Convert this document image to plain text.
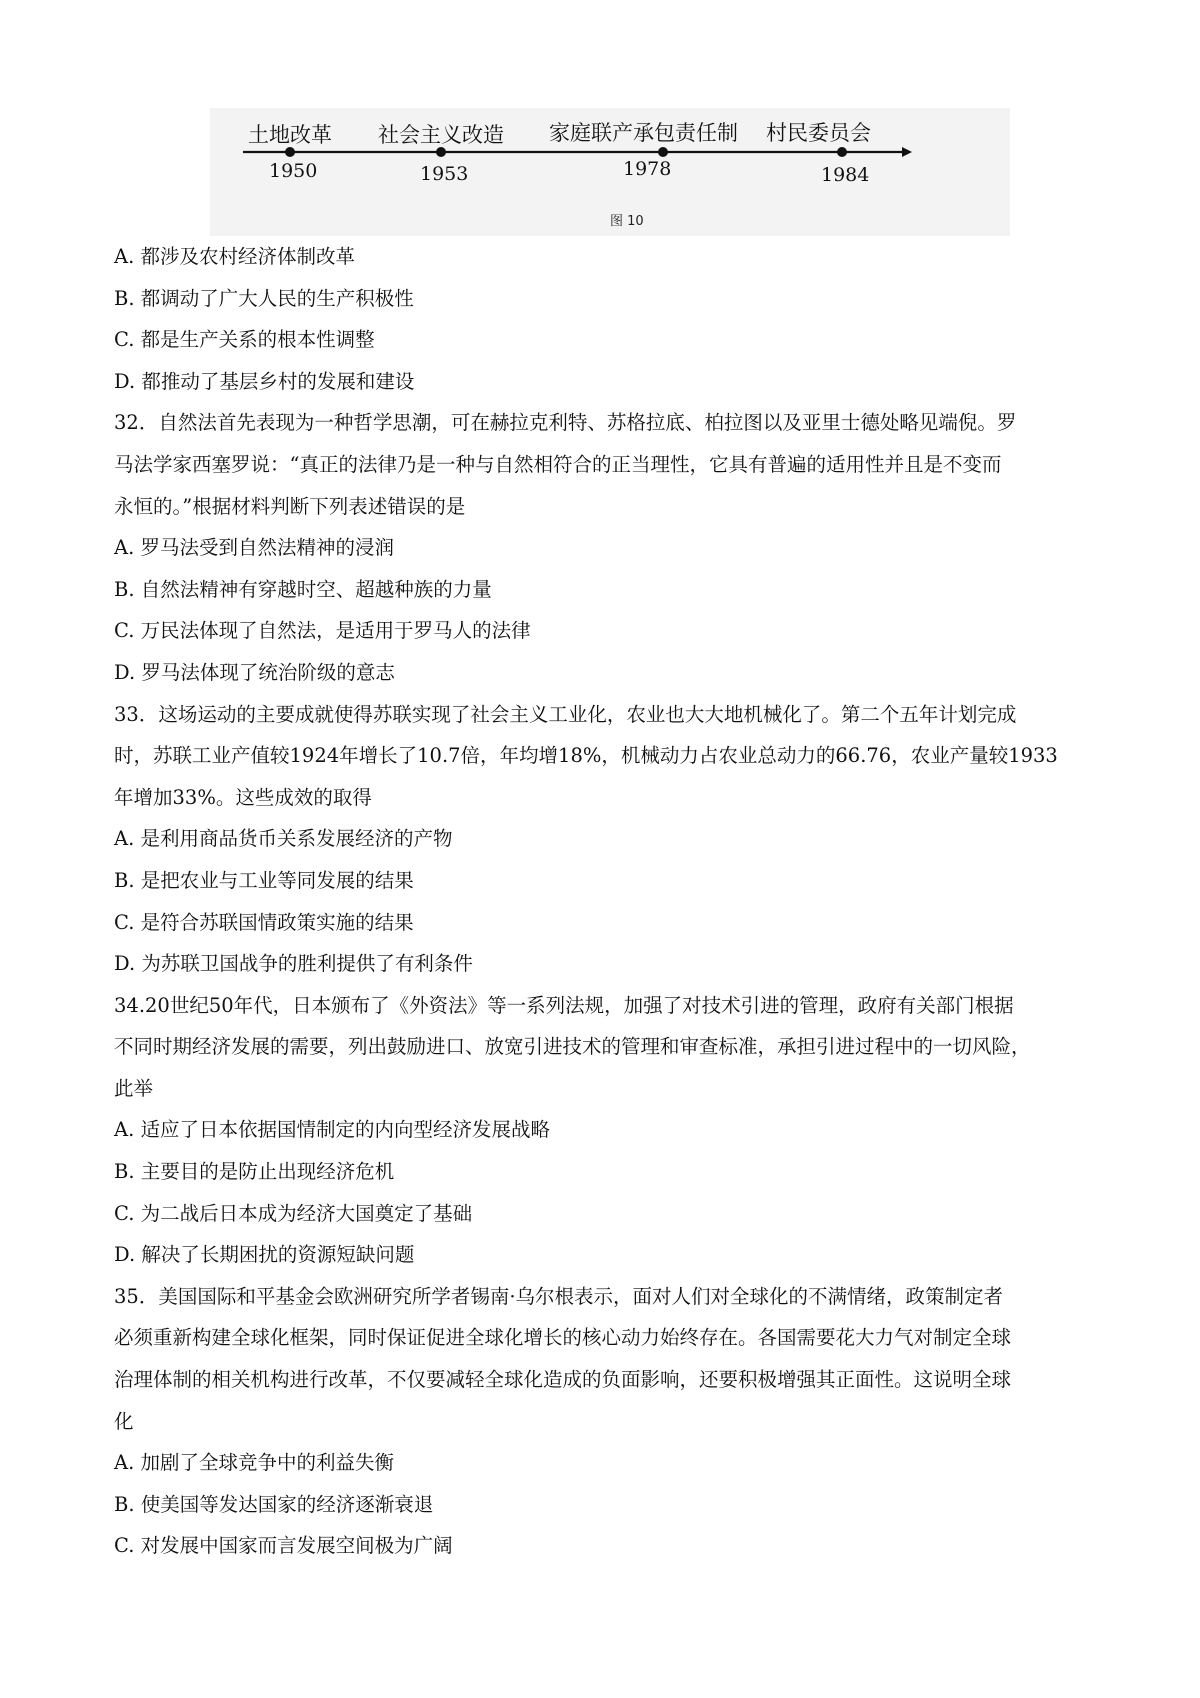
土地改革 社会主义改造 家庭联产承包责任制 村民委员会
1950	1953	1978	1984
图 10
A. 都涉及农村经济体制改革
B. 都调动了广大人民的生产积极性
C. 都是生产关系的根本性调整
D. 都推动了基层乡村的发展和建设
32．自然法首先表现为一种哲学思潮，可在赫拉克利特、苏格拉底、柏拉图以及亚里士德处略见端倪。罗
马法学家西塞罗说：“真正的法律乃是一种与自然相符合的正当理性，它具有普遍的适用性并且是不变而
永恒的。”根据材料判断下列表述错误的是
A. 罗马法受到自然法精神的浸润
B. 自然法精神有穿越时空、超越种族的力量
C. 万民法体现了自然法，是适用于罗马人的法律
D. 罗马法体现了统治阶级的意志
33．这场运动的主要成就使得苏联实现了社会主义工业化，农业也大大地机械化了。第二个五年计划完成
时，苏联工业产值较1924年增长了10.7倍，年均增18%，机械动力占农业总动力的66.76，农业产量较1933
年增加33%。这些成效的取得
A. 是利用商品货币关系发展经济的产物
B. 是把农业与工业等同发展的结果
C. 是符合苏联国情政策实施的结果
D. 为苏联卫国战争的胜利提供了有利条件
34.20世纪50年代，日本颁布了《外资法》等一系列法规，加强了对技术引进的管理，政府有关部门根据
不同时期经济发展的需要，列出鼓励进口、放宽引进技术的管理和审查标准，承担引进过程中的一切风险，
此举
A. 适应了日本依据国情制定的内向型经济发展战略
B. 主要目的是防止出现经济危机
C. 为二战后日本成为经济大国奠定了基础
D. 解决了长期困扰的资源短缺问题
35．美国国际和平基金会欧洲研究所学者锡南·乌尔根表示，面对人们对全球化的不满情绪，政策制定者
必须重新构建全球化框架，同时保证促进全球化增长的核心动力始终存在。各国需要花大力气对制定全球
治理体制的相关机构进行改革，不仅要减轻全球化造成的负面影响，还要积极增强其正面性。这说明全球
化
A. 加剧了全球竞争中的利益失衡
B. 使美国等发达国家的经济逐渐衰退
C. 对发展中国家而言发展空间极为广阔
